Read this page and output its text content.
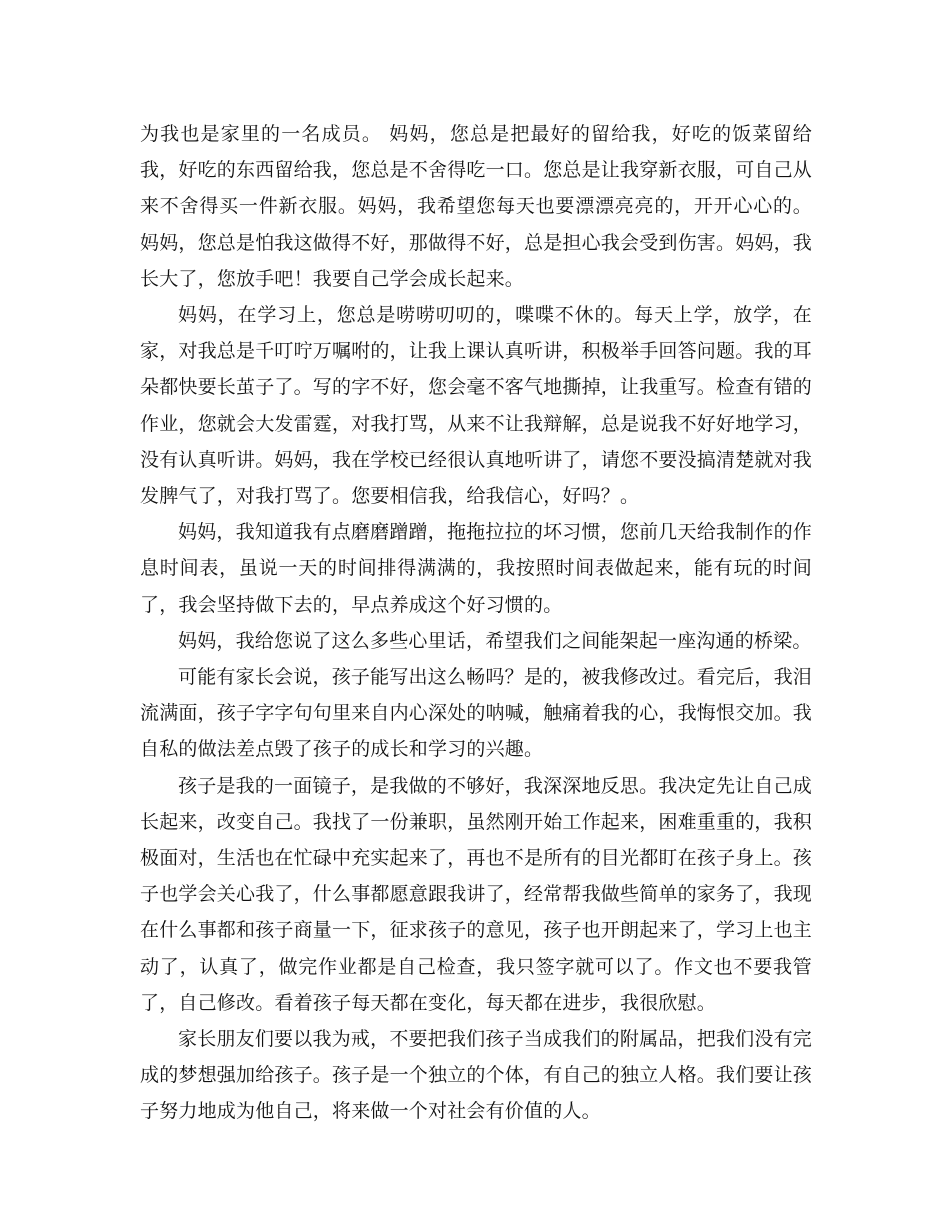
为我也是家里的一名成员。 妈妈，您总是把最好的留给我，好吃的饭菜留给我，好吃的东西留给我，您总是不舍得吃一口。您总是让我穿新衣服，可自己从来不舍得买一件新衣服。妈妈，我希望您每天也要漂漂亮亮的，开开心心的。 妈妈，您总是怕我这做得不好，那做得不好，总是担心我会受到伤害。妈妈，我长大了，您放手吧！我要自己学会成长起来。

妈妈，在学习上，您总是唠唠叨叨的，喋喋不休的。每天上学，放学，在家，对我总是千叮咛万嘱咐的，让我上课认真听讲，积极举手回答问题。我的耳朵都快要长茧子了。写的字不好，您会毫不客气地撕掉，让我重写。检查有错的作业，您就会大发雷霆，对我打骂，从来不让我辩解，总是说我不好好地学习，没有认真听讲。妈妈，我在学校已经很认真地听讲了，请您不要没搞清楚就对我发脾气了，对我打骂了。您要相信我，给我信心，好吗？。

妈妈，我知道我有点磨磨蹭蹭，拖拖拉拉的坏习惯，您前几天给我制作的作息时间表，虽说一天的时间排得满满的，我按照时间表做起来，能有玩的时间了，我会坚持做下去的，早点养成这个好习惯的。

妈妈，我给您说了这么多些心里话，希望我们之间能架起一座沟通的桥梁。

可能有家长会说，孩子能写出这么畅吗？是的，被我修改过。看完后，我泪流满面，孩子字字句句里来自内心深处的呐喊，触痛着我的心，我悔恨交加。我自私的做法差点毁了孩子的成长和学习的兴趣。

孩子是我的一面镜子，是我做的不够好，我深深地反思。我决定先让自己成长起来，改变自己。我找了一份兼职，虽然刚开始工作起来，困难重重的，我积极面对，生活也在忙碌中充实起来了，再也不是所有的目光都盯在孩子身上。孩子也学会关心我了，什么事都愿意跟我讲了，经常帮我做些简单的家务了，我现在什么事都和孩子商量一下，征求孩子的意见，孩子也开朗起来了，学习上也主动了，认真了，做完作业都是自己检查，我只签字就可以了。作文也不要我管了，自己修改。看着孩子每天都在变化，每天都在进步，我很欣慰。

家长朋友们要以我为戒，不要把我们孩子当成我们的附属品，把我们没有完成的梦想强加给孩子。孩子是一个独立的个体，有自己的独立人格。我们要让孩子努力地成为他自己，将来做一个对社会有价值的人。
